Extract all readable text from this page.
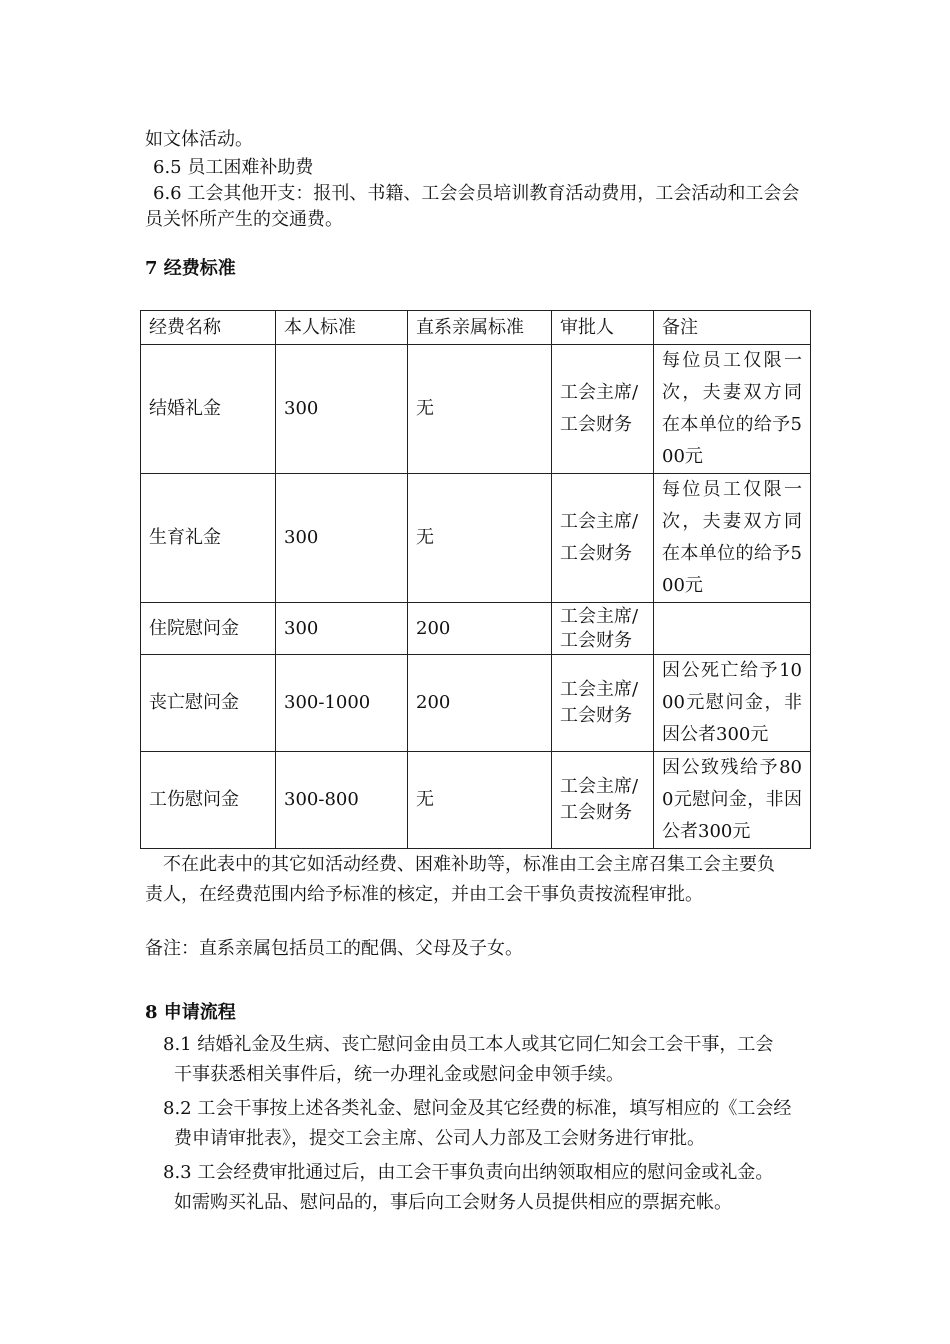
如文体活动。
6.5 员工困难补助费
6.6 工会其他开支：报刊、书籍、工会会员培训教育活动费用，工会活动和工会会
员关怀所产生的交通费。
7 经费标准
经费名称	本人标准	直系亲属标准	审批人	备注
结婚礼金	300	无	工会主席/工会财务	每位员工仅限一次，夫妻双方同在本单位的给予500元
生育礼金	300	无	工会主席/工会财务	每位员工仅限一次，夫妻双方同在本单位的给予500元
住院慰问金	300	200	工会主席/工会财务	
丧亡慰问金	300-1000	200	工会主席/工会财务	因公死亡给予1000元慰问金，非因公者300元
工伤慰问金	300-800	无	工会主席/工会财务	因公致残给予800元慰问金，非因公者300元
不在此表中的其它如活动经费、困难补助等，标准由工会主席召集工会主要负
责人，在经费范围内给予标准的核定，并由工会干事负责按流程审批。
备注：直系亲属包括员工的配偶、父母及子女。
8 申请流程
8.1 结婚礼金及生病、丧亡慰问金由员工本人或其它同仁知会工会干事，工会
干事获悉相关事件后，统一办理礼金或慰问金申领手续。
8.2 工会干事按上述各类礼金、慰问金及其它经费的标准，填写相应的《工会经
费申请审批表》，提交工会主席、公司人力部及工会财务进行审批。
8.3 工会经费审批通过后，由工会干事负责向出纳领取相应的慰问金或礼金。
如需购买礼品、慰问品的，事后向工会财务人员提供相应的票据充帐。
